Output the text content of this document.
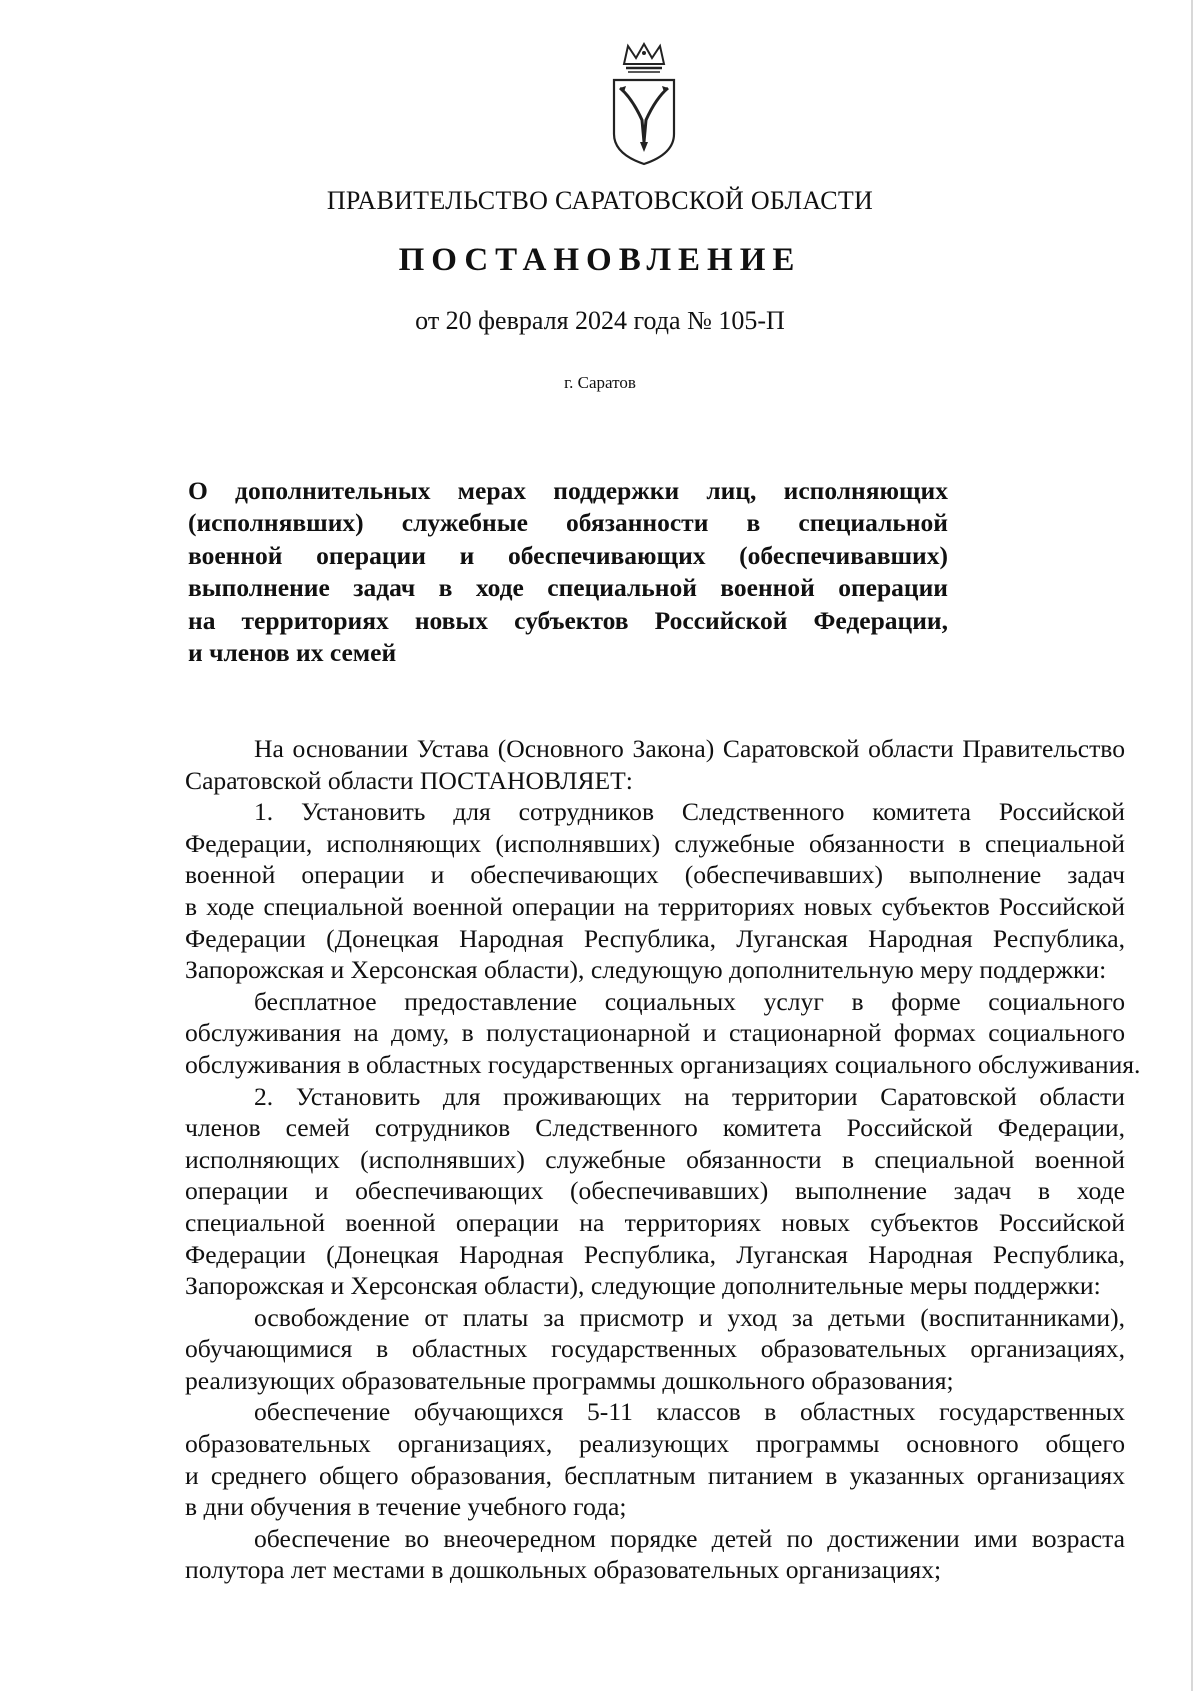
ПРАВИТЕЛЬСТВО САРАТОВСКОЙ ОБЛАСТИ
ПОСТАНОВЛЕНИЕ
от 20 февраля 2024 года № 105-П
г. Саратов
О дополнительных мерах поддержки лиц, исполняющих
(исполнявших) служебные обязанности в специальной
военной операции и обеспечивающих (обеспечивавших)
выполнение задач в ходе специальной военной операции
на территориях новых субъектов Российской Федерации,
и членов их семей
На основании Устава (Основного Закона) Саратовской области Правительство
Саратовской области ПОСТАНОВЛЯЕТ:
1. Установить для сотрудников Следственного комитета Российской
Федерации, исполняющих (исполнявших) служебные обязанности в специальной
военной операции и обеспечивающих (обеспечивавших) выполнение задач
в ходе специальной военной операции на территориях новых субъектов Российской
Федерации (Донецкая Народная Республика, Луганская Народная Республика,
Запорожская и Херсонская области), следующую дополнительную меру поддержки:
бесплатное предоставление социальных услуг в форме социального
обслуживания на дому, в полустационарной и стационарной формах социального
обслуживания в областных государственных организациях социального обслуживания.
2. Установить для проживающих на территории Саратовской области
членов семей сотрудников Следственного комитета Российской Федерации,
исполняющих (исполнявших) служебные обязанности в специальной военной
операции и обеспечивающих (обеспечивавших) выполнение задач в ходе
специальной военной операции на территориях новых субъектов Российской
Федерации (Донецкая Народная Республика, Луганская Народная Республика,
Запорожская и Херсонская области), следующие дополнительные меры поддержки:
освобождение от платы за присмотр и уход за детьми (воспитанниками),
обучающимися в областных государственных образовательных организациях,
реализующих образовательные программы дошкольного образования;
обеспечение обучающихся 5-11 классов в областных государственных
образовательных организациях, реализующих программы основного общего
и среднего общего образования, бесплатным питанием в указанных организациях
в дни обучения в течение учебного года;
обеспечение во внеочередном порядке детей по достижении ими возраста
полутора лет местами в дошкольных образовательных организациях;
